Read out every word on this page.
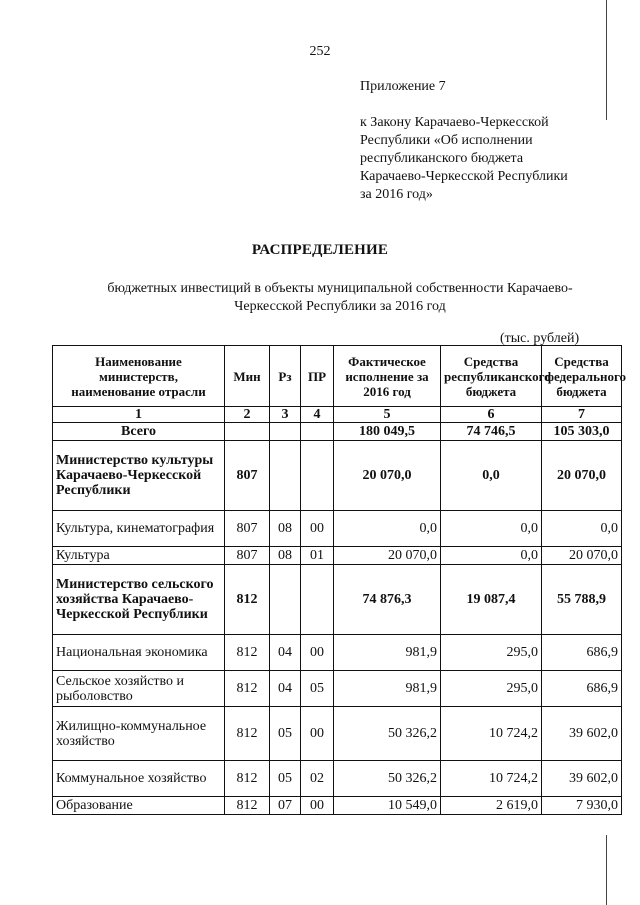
252
Приложение 7
к Закону Карачаево-Черкесской
Республики «Об исполнении
республиканского бюджета
Карачаево-Черкесской Республики
за 2016 год»
РАСПРЕДЕЛЕНИЕ
бюджетных инвестиций в объекты муниципальной собственности Карачаево-
Черкесской Республики за 2016 год
(тыс. рублей)
Наименование министерств, наименование отрасли	Мин	Рз	ПР	Фактическое исполнение за 2016 год	Средства республиканского бюджета	Средства федерального бюджета
1	2	3	4	5	6	7
Всего				180 049,5	74 746,5	105 303,0
Министерство культуры Карачаево-Черкесской Республики	807			20 070,0	0,0	20 070,0
Культура, кинематография	807	08	00	0,0	0,0	0,0
Культура	807	08	01	20 070,0	0,0	20 070,0
Министерство сельского хозяйства Карачаево-Черкесской Республики	812			74 876,3	19 087,4	55 788,9
Национальная экономика	812	04	00	981,9	295,0	686,9
Сельское хозяйство и рыболовство	812	04	05	981,9	295,0	686,9
Жилищно-коммунальное хозяйство	812	05	00	50 326,2	10 724,2	39 602,0
Коммунальное хозяйство	812	05	02	50 326,2	10 724,2	39 602,0
Образование	812	07	00	10 549,0	2 619,0	7 930,0
